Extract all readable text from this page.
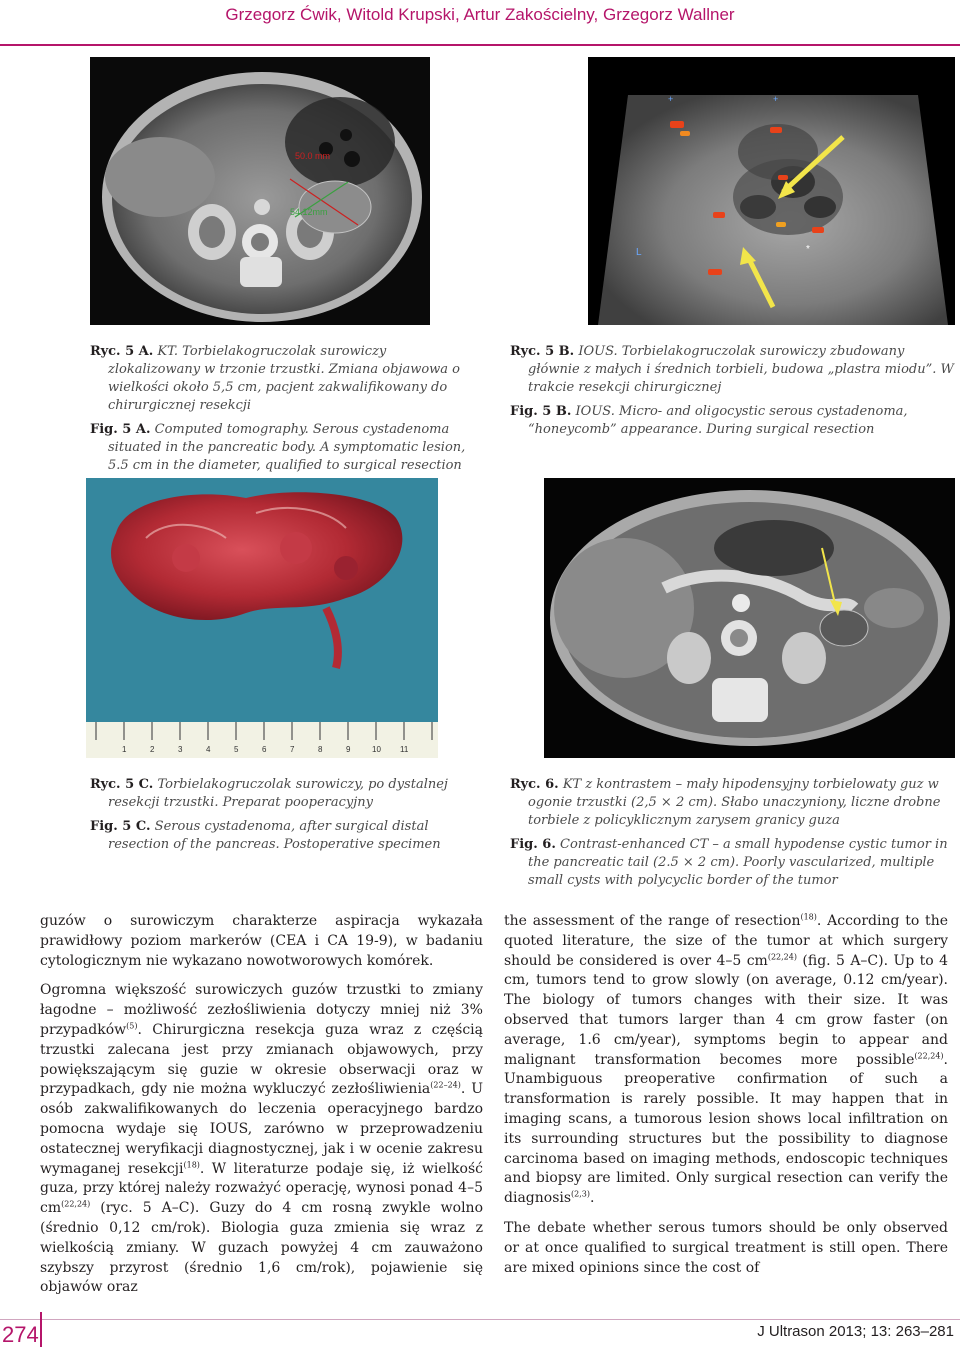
Grzegorz Ćwik, Witold Krupski, Artur Zakościelny, Grzegorz Wallner
50.0 mm
54.12mm
+	+
L	*

Ryc. 5 A. KT. Torbielakogruczolak surowiczy zlokalizowany w trzonie trzustki. Zmiana objawowa o wielkości około 5,5 cm, pacjent zakwalifikowany do chirurgicznej resekcji

Fig. 5 A. Computed tomography. Serous cystadenoma situated in the pancreatic body. A symptomatic lesion, 5.5 cm in the diameter, qualified to surgical resection

Ryc. 5 B. IOUS. Torbielakogruczolak surowiczy zbudowany głównie z małych i średnich torbieli, budowa „plastra miodu”. W trakcie resekcji chirurgicznej

Fig. 5 B. IOUS. Micro- and oligocystic serous cystadenoma, “honeycomb” appearance. During surgical resection

1	2	3	4	5	6	7	8	9	10 11

Ryc. 5 C. Torbielakogruczolak surowiczy, po dystalnej resekcji trzustki. Preparat pooperacyjny

Fig. 5 C. Serous cystadenoma, after surgical distal resection of the pancreas. Postoperative specimen

Ryc. 6. KT z kontrastem – mały hipodensyjny torbielowaty guz w ogonie trzustki (2,5 × 2 cm). Słabo unaczyniony, liczne drobne torbiele z policyklicznym zarysem granicy guza

Fig. 6. Contrast-enhanced CT – a small hypodense cystic tumor in the pancreatic tail (2.5 × 2 cm). Poorly vascularized, multiple small cysts with polycyclic border of the tumor

guzów o surowiczym charakterze aspiracja wykazała prawidłowy poziom markerów (CEA i CA 19-9), w badaniu cytologicznym nie wykazano nowotworowych komórek.

Ogromna większość surowiczych guzów trzustki to zmiany łagodne – możliwość zezłośliwienia dotyczy mniej niż 3% przypadków$^{(5)}$. Chirurgiczna resekcja guza wraz z częścią trzustki zalecana jest przy zmianach objawowych, przy powiększającym się guzie w okresie obserwacji oraz w przypadkach, gdy nie można wykluczyć zezłośliwienia$^{(22-24)}$. U osób zakwalifikowanych do leczenia operacyjnego bardzo pomocna wydaje się IOUS, zarówno w przeprowadzeniu ostatecznej weryfikacji diagnostycznej, jak i w ocenie zakresu wymaganej resekcji$^{(18)}$. W literaturze podaje się, iż wielkość guza, przy której należy rozważyć operację, wynosi ponad 4–5 cm$^{(22,24)}$ (ryc. 5 A–C). Guzy do 4 cm rosną zwykle wolno (średnio 0,12 cm/rok). Biologia guza zmienia się wraz z wielkością zmiany. W guzach powyżej 4 cm zauważono szybszy przyrost (średnio 1,6 cm/rok), pojawienie się objawów oraz

the assessment of the range of resection$^{(18)}$. According to the quoted literature, the size of the tumor at which surgery should be considered is over 4–5 cm$^{(22,24)}$ (fig. 5 A–C). Up to 4 cm, tumors tend to grow slowly (on average, 0.12 cm/year). The biology of tumors changes with their size. It was observed that tumors larger than 4 cm grow faster (on average, 1.6 cm/year), symptoms begin to appear and malignant transformation becomes more possible$^{(22,24)}$. Unambiguous preoperative confirmation of such a transformation is rarely possible. It may happen that in imaging scans, a tumorous lesion shows local infiltration on its surrounding structures but the possibility to diagnose carcinoma based on imaging methods, endoscopic techniques and biopsy are limited. Only surgical resection can verify the diagnosis$^{(2,3)}$.

The debate whether serous tumors should be only observed or at once qualified to surgical treatment is still open. There are mixed opinions since the cost of

274	J Ultrason 2013; 13: 263–281
